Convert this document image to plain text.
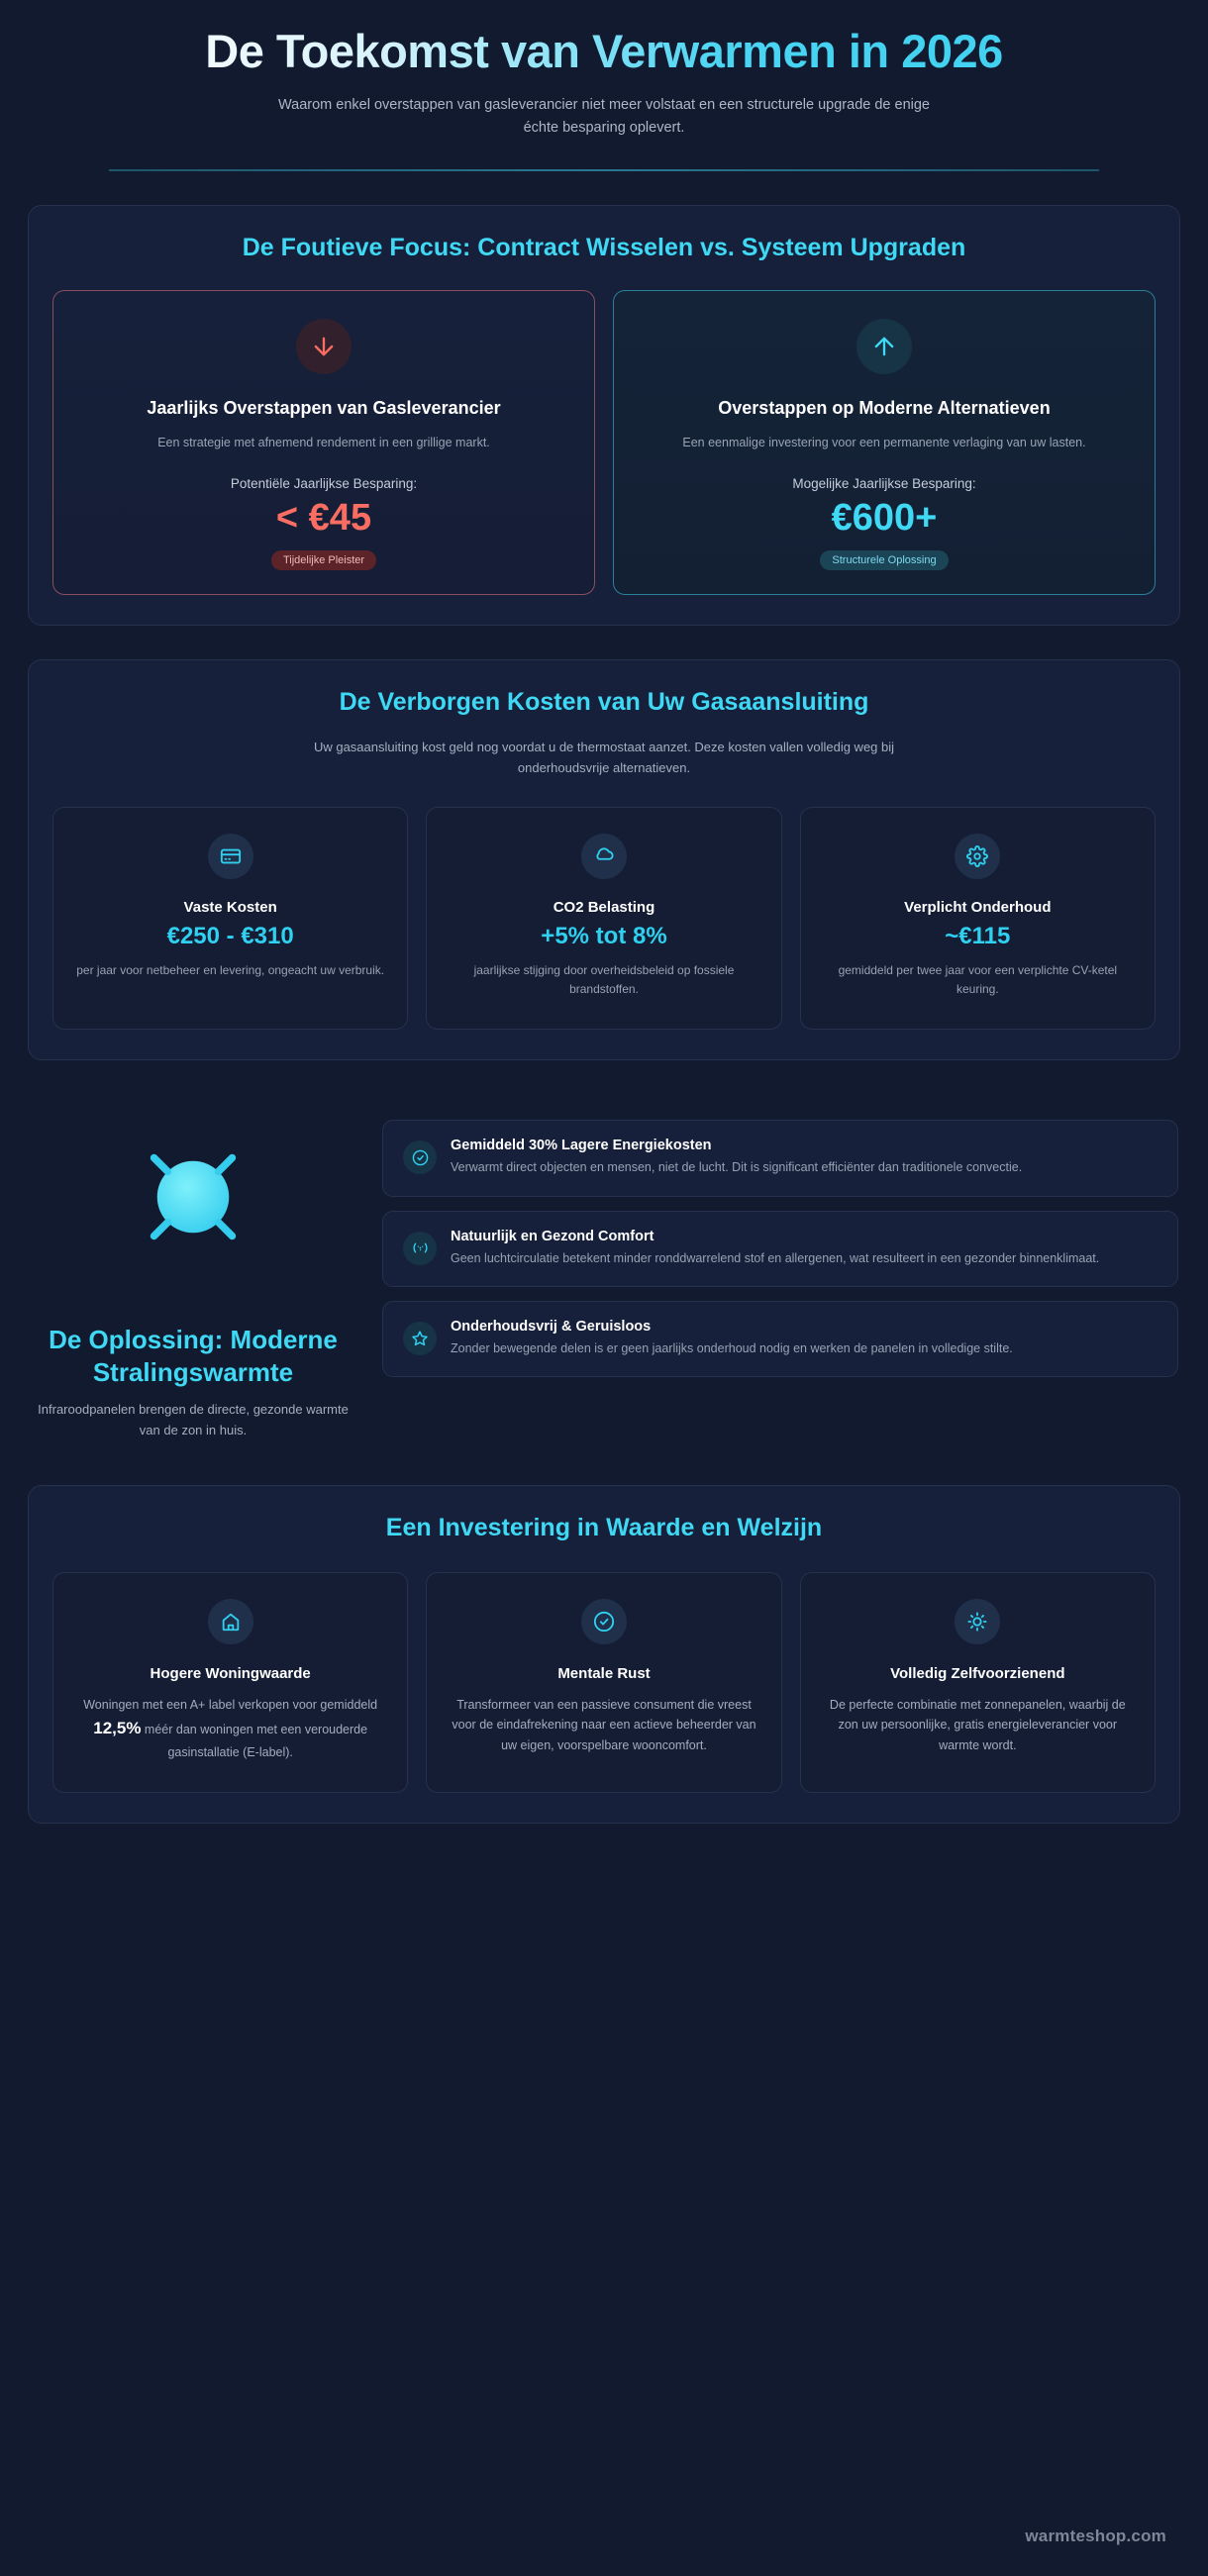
De Toekomst van Verwarmen in 2026
Waarom enkel overstappen van gasleverancier niet meer volstaat en een structurele upgrade de enige échte besparing oplevert.
De Foutieve Focus: Contract Wisselen vs. Systeem Upgraden
Jaarlijks Overstappen van Gasleverancier
Een strategie met afnemend rendement in een grillige markt.
Potentiële Jaarlijkse Besparing:
< €45
Tijdelijke Pleister
Overstappen op Moderne Alternatieven
Een eenmalige investering voor een permanente verlaging van uw lasten.
Mogelijke Jaarlijkse Besparing:
€600+
Structurele Oplossing
De Verborgen Kosten van Uw Gasaansluiting
Uw gasaansluiting kost geld nog voordat u de thermostaat aanzet. Deze kosten vallen volledig weg bij onderhoudsvrije alternatieven.
Vaste Kosten
€250 - €310
per jaar voor netbeheer en levering, ongeacht uw verbruik.
CO2 Belasting
+5% tot 8%
jaarlijkse stijging door overheidsbeleid op fossiele brandstoffen.
Verplicht Onderhoud
~€115
gemiddeld per twee jaar voor een verplichte CV-ketel keuring.
De Oplossing: Moderne Stralingswarmte
Infraroodpanelen brengen de directe, gezonde warmte van de zon in huis.
Gemiddeld 30% Lagere Energiekosten
Verwarmt direct objecten en mensen, niet de lucht. Dit is significant efficiënter dan traditionele convectie.
Natuurlijk en Gezond Comfort
Geen luchtcirculatie betekent minder ronddwarrelend stof en allergenen, wat resulteert in een gezonder binnenklimaat.
Onderhoudsvrij & Geruisloos
Zonder bewegende delen is er geen jaarlijks onderhoud nodig en werken de panelen in volledige stilte.
Een Investering in Waarde en Welzijn
Hogere Woningwaarde
Woningen met een A+ label verkopen voor gemiddeld 12,5% méér dan woningen met een verouderde gasinstallatie (E-label).
Mentale Rust
Transformeer van een passieve consument die vreest voor de eindafrekening naar een actieve beheerder van uw eigen, voorspelbare wooncomfort.
Volledig Zelfvoorzienend
De perfecte combinatie met zonnepanelen, waarbij de zon uw persoonlijke, gratis energieleverancier voor warmte wordt.
warmteshop.com
